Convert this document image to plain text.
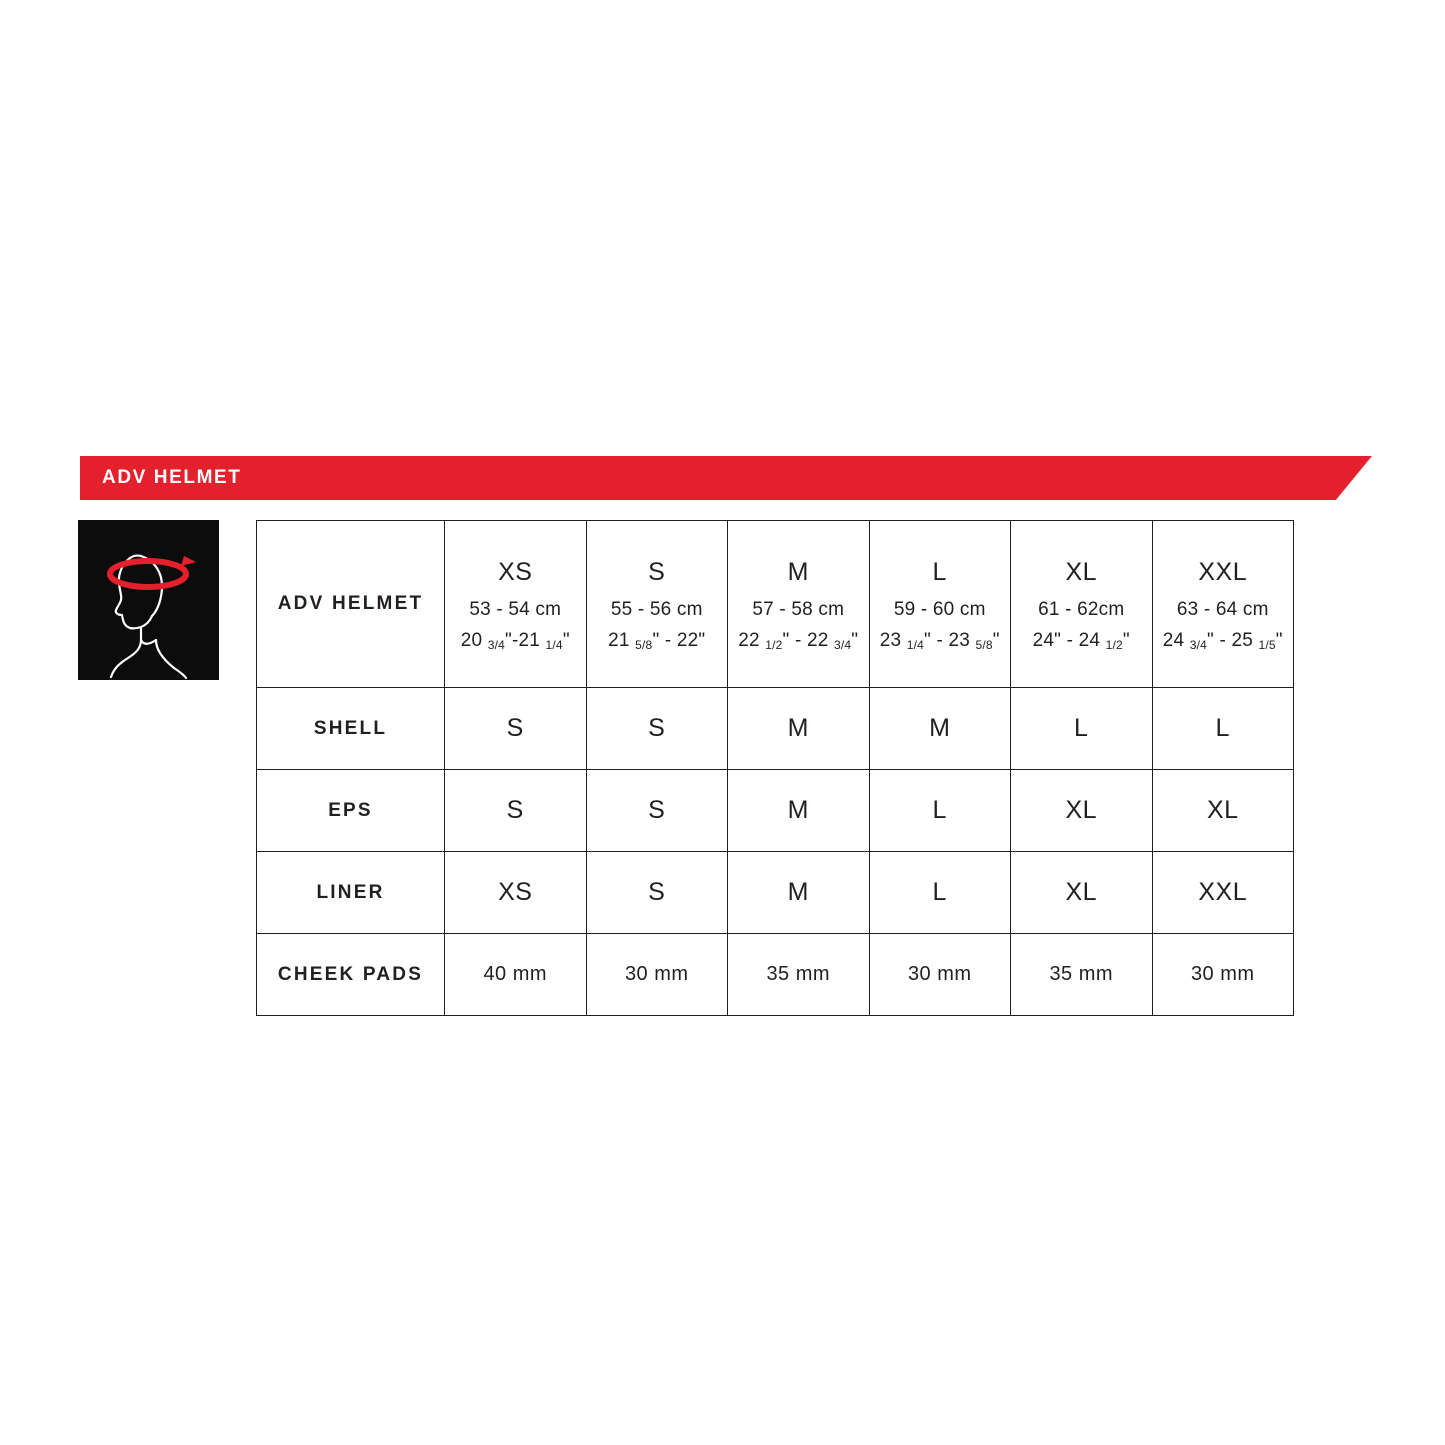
ADV HELMET
ADV HELMET	XS
53 - 54 cm
20 3/4"-21 1/4"	S
55 - 56 cm
21 5/8" - 22"	M
57 - 58 cm
22 1/2" - 22 3/4"	L
59 - 60 cm
23 1/4" - 23 5/8"	XL
61 - 62cm
24" - 24 1/2"	XXL
63 - 64 cm
24 3/4" - 25 1/5"

SHELL	S	S	M	M	L	L
EPS	S	S	M	L	XL	XL
LINER	XS	S	M	L	XL	XXL
CHEEK PADS	40 mm	30 mm	35 mm	30 mm	35 mm	30 mm
